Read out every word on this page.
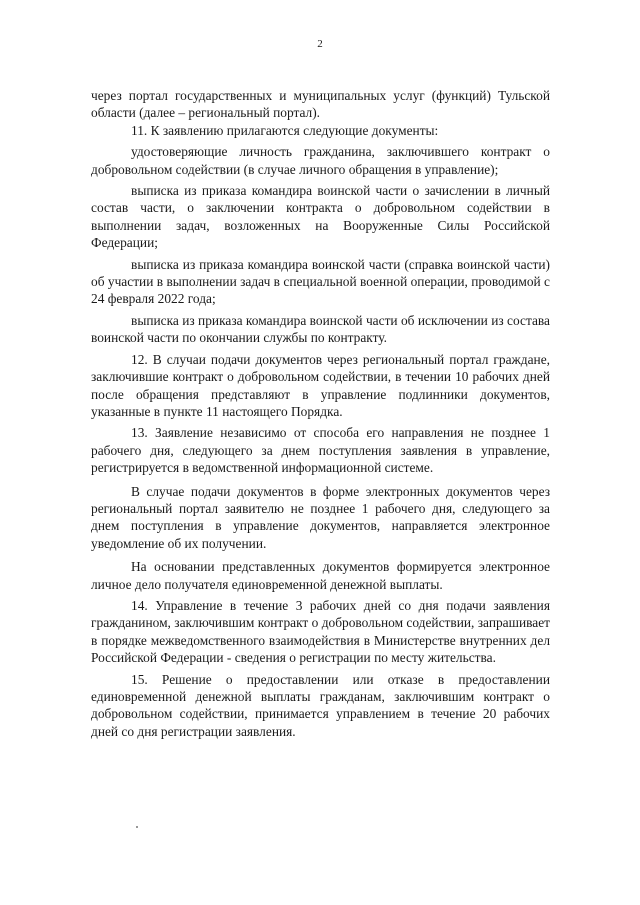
2

через портал государственных и муниципальных услуг (функций) Тульской области (далее – региональный портал).

11. К заявлению прилагаются следующие документы:

удостоверяющие личность гражданина, заключившего контракт о добровольном содействии (в случае личного обращения в управление);

выписка из приказа командира воинской части о зачислении в личный состав части, о заключении контракта о добровольном содействии в выполнении задач, возложенных на Вооруженные Силы Российской Федерации;

выписка из приказа командира воинской части (справка воинской части) об участии в выполнении задач в специальной военной операции, проводимой с 24 февраля 2022 года;

выписка из приказа командира воинской части об исключении из состава воинской части по окончании службы по контракту.

12. В случаи подачи документов через региональный портал граждане, заключившие контракт о добровольном содействии, в течении 10 рабочих дней после обращения представляют в управление подлинники документов, указанные в пункте 11 настоящего Порядка.

13. Заявление независимо от способа его направления не позднее 1 рабочего дня, следующего за днем поступления заявления в управление, регистрируется в ведомственной информационной системе.

В случае подачи документов в форме электронных документов через региональный портал заявителю не позднее 1 рабочего дня, следующего за днем поступления в управление документов, направляется электронное уведомление об их получении.

На основании представленных документов формируется электронное личное дело получателя единовременной денежной выплаты.

14. Управление в течение 3 рабочих дней со дня подачи заявления гражданином, заключившим контракт о добровольном содействии, запрашивает в порядке межведомственного взаимодействия в Министерстве внутренних дел Российской Федерации - сведения о регистрации по месту жительства.

15. Решение о предоставлении или отказе в предоставлении единовременной денежной выплаты гражданам, заключившим контракт о добровольном содействии, принимается управлением в течение 20 рабочих дней со дня регистрации заявления.
